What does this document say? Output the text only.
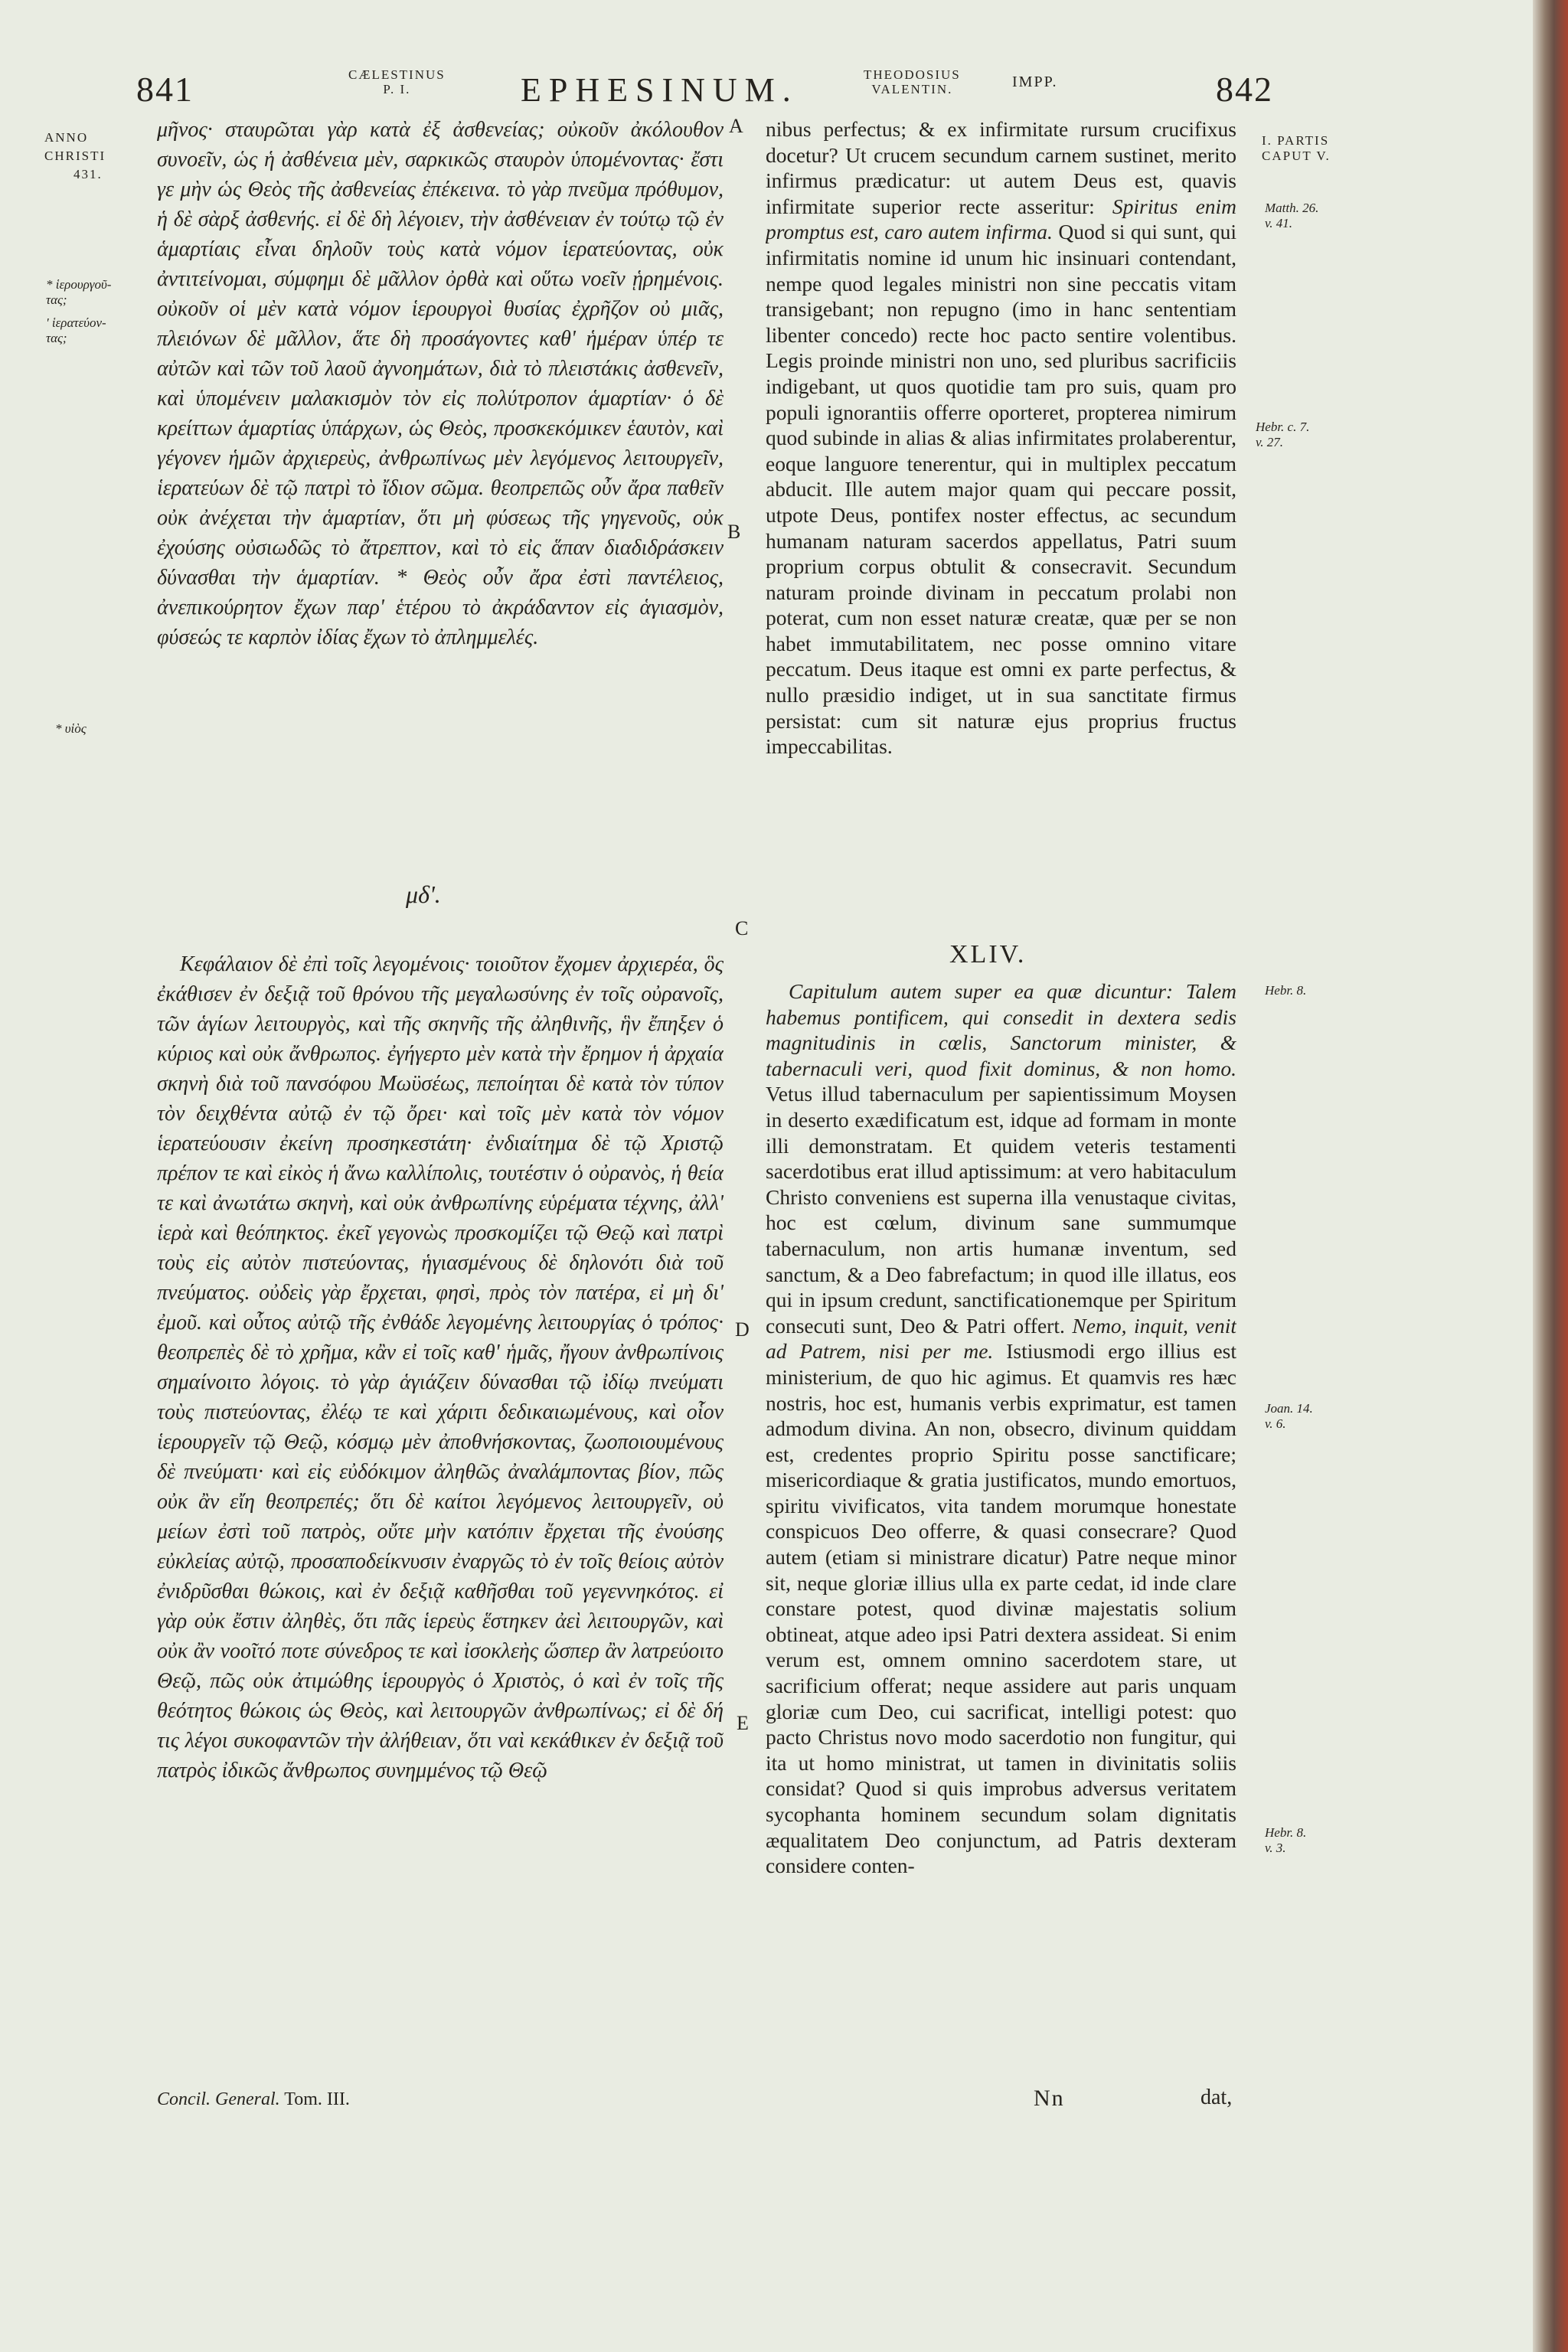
841	CÆLESTINUS
P. I.	EPHESINUM.	THEODOSIUS
VALENTIN.	IMPP.	842
ANNO
CHRISTI
431.
* ἱερουργοῦ-
τας;
' ἱερατεύον-
τας;
* υἱὸς
I. PARTIS
CAPUT V.
Matth. 26.
v. 41.
Hebr. c. 7.
v. 27.
Hebr. 8.
Joan. 14.
v. 6.
Hebr. 8.
v. 3.
A
B
C
D
E

μῆνος· σταυρῶται γὰρ κατὰ ἐξ ἀσθενείας; οὐκοῦν ἀκόλουθον συνοεῖν, ὡς ἡ ἀσθένεια μὲν, σαρκικῶς σταυρὸν ὑπομένοντας· ἔστι γε μὴν ὡς Θεὸς τῆς ἀσθενείας ἐπέκεινα. τὸ γὰρ πνεῦμα πρόθυμον, ἡ δὲ σὰρξ ἀσθενής. εἰ δὲ δὴ λέγοιεν, τὴν ἀσθένειαν ἐν τούτῳ τῷ ἐν ἁμαρτίαις εἶναι δηλοῦν τοὺς κατὰ νόμον ἱερατεύοντας, οὐκ ἀντιτείνομαι, σύμφημι δὲ μᾶλλον ὀρθὰ καὶ οὕτω νοεῖν ᾑρημένοις. οὐκοῦν οἱ μὲν κατὰ νόμον ἱερουργοὶ θυσίας ἐχρῆζον οὐ μιᾶς, πλειόνων δὲ μᾶλλον, ἅτε δὴ προσάγοντες καθ' ἡμέραν ὑπέρ τε αὐτῶν καὶ τῶν τοῦ λαοῦ ἀγνοημάτων, διὰ τὸ πλειστάκις ἀσθενεῖν, καὶ ὑπομένειν μαλακισμὸν τὸν εἰς πολύτροπον ἁμαρτίαν· ὁ δὲ κρείττων ἁμαρτίας ὑπάρχων, ὡς Θεὸς, προσκεκόμικεν ἑαυτὸν, καὶ γέγονεν ἡμῶν ἀρχιερεὺς, ἀνθρωπίνως μὲν λεγόμενος λειτουργεῖν, ἱερατεύων δὲ τῷ πατρὶ τὸ ἴδιον σῶμα. θεοπρεπῶς οὖν ἄρα παθεῖν οὐκ ἀνέχεται τὴν ἁμαρτίαν, ὅτι μὴ φύσεως τῆς γηγενοῦς, οὐκ ἐχούσης οὐσιωδῶς τὸ ἄτρεπτον, καὶ τὸ εἰς ἅπαν διαδιδράσκειν δύνασθαι τὴν ἁμαρτίαν. * Θεὸς οὖν ἄρα ἐστὶ παντέλειος, ἀνεπικούρητον ἔχων παρ' ἑτέρου τὸ ἀκράδαντον εἰς ἁγιασμὸν, φύσεώς τε καρπὸν ἰδίας ἔχων τὸ ἀπλημμελές.

μδ'.

Κεφάλαιον δὲ ἐπὶ τοῖς λεγομένοις· τοιοῦτον ἔχομεν ἀρχιερέα, ὃς ἐκάθισεν ἐν δεξιᾷ τοῦ θρόνου τῆς μεγαλωσύνης ἐν τοῖς οὐρανοῖς, τῶν ἁγίων λειτουργὸς, καὶ τῆς σκηνῆς τῆς ἀληθινῆς, ἣν ἔπηξεν ὁ κύριος καὶ οὐκ ἄνθρωπος. ἐγήγερτο μὲν κατὰ τὴν ἔρημον ἡ ἀρχαία σκηνὴ διὰ τοῦ πανσόφου Μωϋσέως, πεποίηται δὲ κατὰ τὸν τύπον τὸν δειχθέντα αὐτῷ ἐν τῷ ὄρει· καὶ τοῖς μὲν κατὰ τὸν νόμον ἱερατεύουσιν ἐκείνη προσηκεστάτη· ἐνδιαίτημα δὲ τῷ Χριστῷ πρέπον τε καὶ εἰκὸς ἡ ἄνω καλλίπολις, τουτέστιν ὁ οὐρανὸς, ἡ θεία τε καὶ ἀνωτάτω σκηνὴ, καὶ οὐκ ἀνθρωπίνης εὑρέματα τέχνης, ἀλλ' ἱερὰ καὶ θεόπηκτος. ἐκεῖ γεγονὼς προσκομίζει τῷ Θεῷ καὶ πατρὶ τοὺς εἰς αὐτὸν πιστεύοντας, ἡγιασμένους δὲ δηλονότι διὰ τοῦ πνεύματος. οὐδεὶς γὰρ ἔρχεται, φησὶ, πρὸς τὸν πατέρα, εἰ μὴ δι' ἐμοῦ. καὶ οὗτος αὐτῷ τῆς ἐνθάδε λεγομένης λειτουργίας ὁ τρόπος· θεοπρεπὲς δὲ τὸ χρῆμα, κἂν εἰ τοῖς καθ' ἡμᾶς, ἤγουν ἀνθρωπίνοις σημαίνοιτο λόγοις. τὸ γὰρ ἁγιάζειν δύνασθαι τῷ ἰδίῳ πνεύματι τοὺς πιστεύοντας, ἐλέῳ τε καὶ χάριτι δεδικαιωμένους, καὶ οἷον ἱερουργεῖν τῷ Θεῷ, κόσμῳ μὲν ἀποθνήσκοντας, ζωοποιουμένους δὲ πνεύματι· καὶ εἰς εὐδόκιμον ἀληθῶς ἀναλάμποντας βίον, πῶς οὐκ ἂν εἴη θεοπρεπές; ὅτι δὲ καίτοι λεγόμενος λειτουργεῖν, οὐ μείων ἐστὶ τοῦ πατρὸς, οὔτε μὴν κατόπιν ἔρχεται τῆς ἐνούσης εὐκλείας αὐτῷ, προσαποδείκνυσιν ἐναργῶς τὸ ἐν τοῖς θείοις αὐτὸν ἐνιδρῦσθαι θώκοις, καὶ ἐν δεξιᾷ καθῆσθαι τοῦ γεγεννηκότος. εἰ γὰρ οὐκ ἔστιν ἀληθὲς, ὅτι πᾶς ἱερεὺς ἕστηκεν ἀεὶ λειτουργῶν, καὶ οὐκ ἂν νοοῖτό ποτε σύνεδρος τε καὶ ἰσοκλεὴς ὥσπερ ἂν λατρεύοιτο Θεῷ, πῶς οὐκ ἀτιμώθης ἱερουργὸς ὁ Χριστὸς, ὁ καὶ ἐν τοῖς τῆς θεότητος θώκοις ὡς Θεὸς, καὶ λειτουργῶν ἀνθρωπίνως; εἰ δὲ δή τις λέγοι συκοφαντῶν τὴν ἀλήθειαν, ὅτι ναὶ κεκάθικεν ἐν δεξιᾷ τοῦ πατρὸς ἰδικῶς ἄνθρωπος συνημμένος τῷ Θεῷ

nibus perfectus; & ex infirmitate rursum crucifixus docetur? Ut crucem secundum carnem sustinet, merito infirmus prædicatur: ut autem Deus est, quavis infirmitate superior recte asseritur: Spiritus enim promptus est, caro autem infirma. Quod si qui sunt, qui infirmitatis nomine id unum hic insinuari contendant, nempe quod legales ministri non sine peccatis vitam transigebant; non repugno (imo in hanc sententiam libenter concedo) recte hoc pacto sentire volentibus. Legis proinde ministri non uno, sed pluribus sacrificiis indigebant, ut quos quotidie tam pro suis, quam pro populi ignorantiis offerre oporteret, propterea nimirum quod subinde in alias & alias infirmitates prolaberentur, eoque languore tenerentur, qui in multiplex peccatum abducit. Ille autem major quam qui peccare possit, utpote Deus, pontifex noster effectus, ac secundum humanam naturam sacerdos appellatus, Patri suum proprium corpus obtulit & consecravit. Secundum naturam proinde divinam in peccatum prolabi non poterat, cum non esset naturæ creatæ, quæ per se non habet immutabilitatem, nec posse omnino vitare peccatum. Deus itaque est omni ex parte perfectus, & nullo præsidio indiget, ut in sua sanctitate firmus persistat: cum sit naturæ ejus proprius fructus impeccabilitas.

XLIV.

Capitulum autem super ea quæ dicuntur: Talem habemus pontificem, qui consedit in dextera sedis magnitudinis in cœlis, Sanctorum minister, & tabernaculi veri, quod fixit dominus, & non homo. Vetus illud tabernaculum per sapientissimum Moysen in deserto exædificatum est, idque ad formam in monte illi demonstratam. Et quidem veteris testamenti sacerdotibus erat illud aptissimum: at vero habitaculum Christo conveniens est superna illa venustaque civitas, hoc est cœlum, divinum sane summumque tabernaculum, non artis humanæ inventum, sed sanctum, & a Deo fabrefactum; in quod ille illatus, eos qui in ipsum credunt, sanctificationemque per Spiritum consecuti sunt, Deo & Patri offert. Nemo, inquit, venit ad Patrem, nisi per me. Istiusmodi ergo illius est ministerium, de quo hic agimus. Et quamvis res hæc nostris, hoc est, humanis verbis exprimatur, est tamen admodum divina. An non, obsecro, divinum quiddam est, credentes proprio Spiritu posse sanctificare; misericordiaque & gratia justificatos, mundo emortuos, spiritu vivificatos, vita tandem morumque honestate conspicuos Deo offerre, & quasi consecrare? Quod autem (etiam si ministrare dicatur) Patre neque minor sit, neque gloriæ illius ulla ex parte cedat, id inde clare constare potest, quod divinæ majestatis solium obtineat, atque adeo ipsi Patri dextera assideat. Si enim verum est, omnem omnino sacerdotem stare, ut sacrificium offerat; neque assidere aut paris unquam gloriæ cum Deo, cui sacrificat, intelligi potest: quo pacto Christus novo modo sacerdotio non fungitur, qui ita ut homo ministrat, ut tamen in divinitatis soliis considat? Quod si quis improbus adversus veritatem sycophanta hominem secundum solam dignitatis æqualitatem Deo conjunctum, ad Patris dexteram considere conten-

Concil. General. Tom. III.	Nn	dat,
